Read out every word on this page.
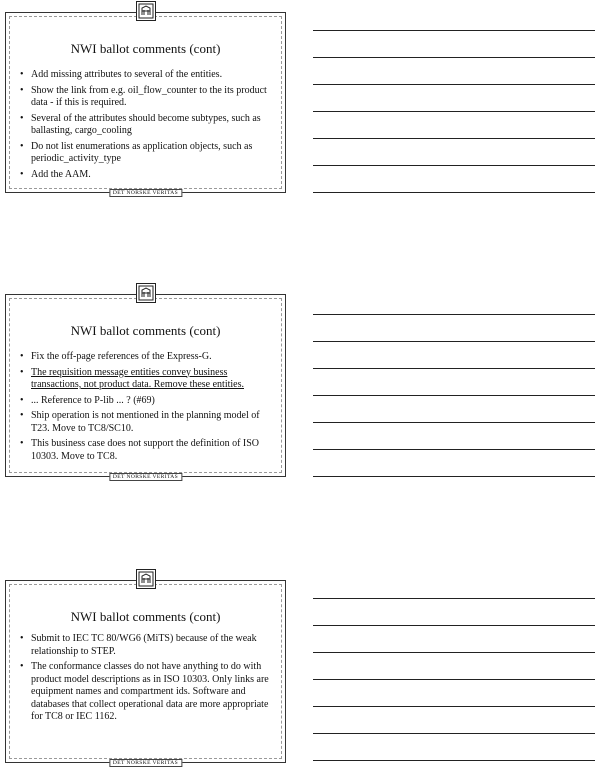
NWI ballot comments (cont)
• Add missing attributes to several of the entities.
• Show the link from e.g. oil_flow_counter to the its product data - if this is required.
• Several of the attributes should become subtypes, such as ballasting, cargo_cooling
• Do not list enumerations as application objects, such as periodic_activity_type
• Add the AAM.
DET NORSKE VERITAS
NWI ballot comments (cont)
• Fix the off-page references of the Express-G.
• The requisition message entities convey business transactions, not product data. Remove these entities.
• ... Reference to P-lib ... ? (#69)
• Ship operation is not mentioned in the planning model of T23. Move to TC8/SC10.
• This business case does not support the definition of ISO 10303. Move to TC8.
DET NORSKE VERITAS
NWI ballot comments (cont)
• Submit to IEC TC 80/WG6 (MiTS) because of the weak relationship to STEP.
• The conformance classes do not have anything to do with product model descriptions as in ISO 10303. Only links are equipment names and compartment ids. Software and databases that collect operational data are more appropriate for TC8 or IEC 1162.
DET NORSKE VERITAS
